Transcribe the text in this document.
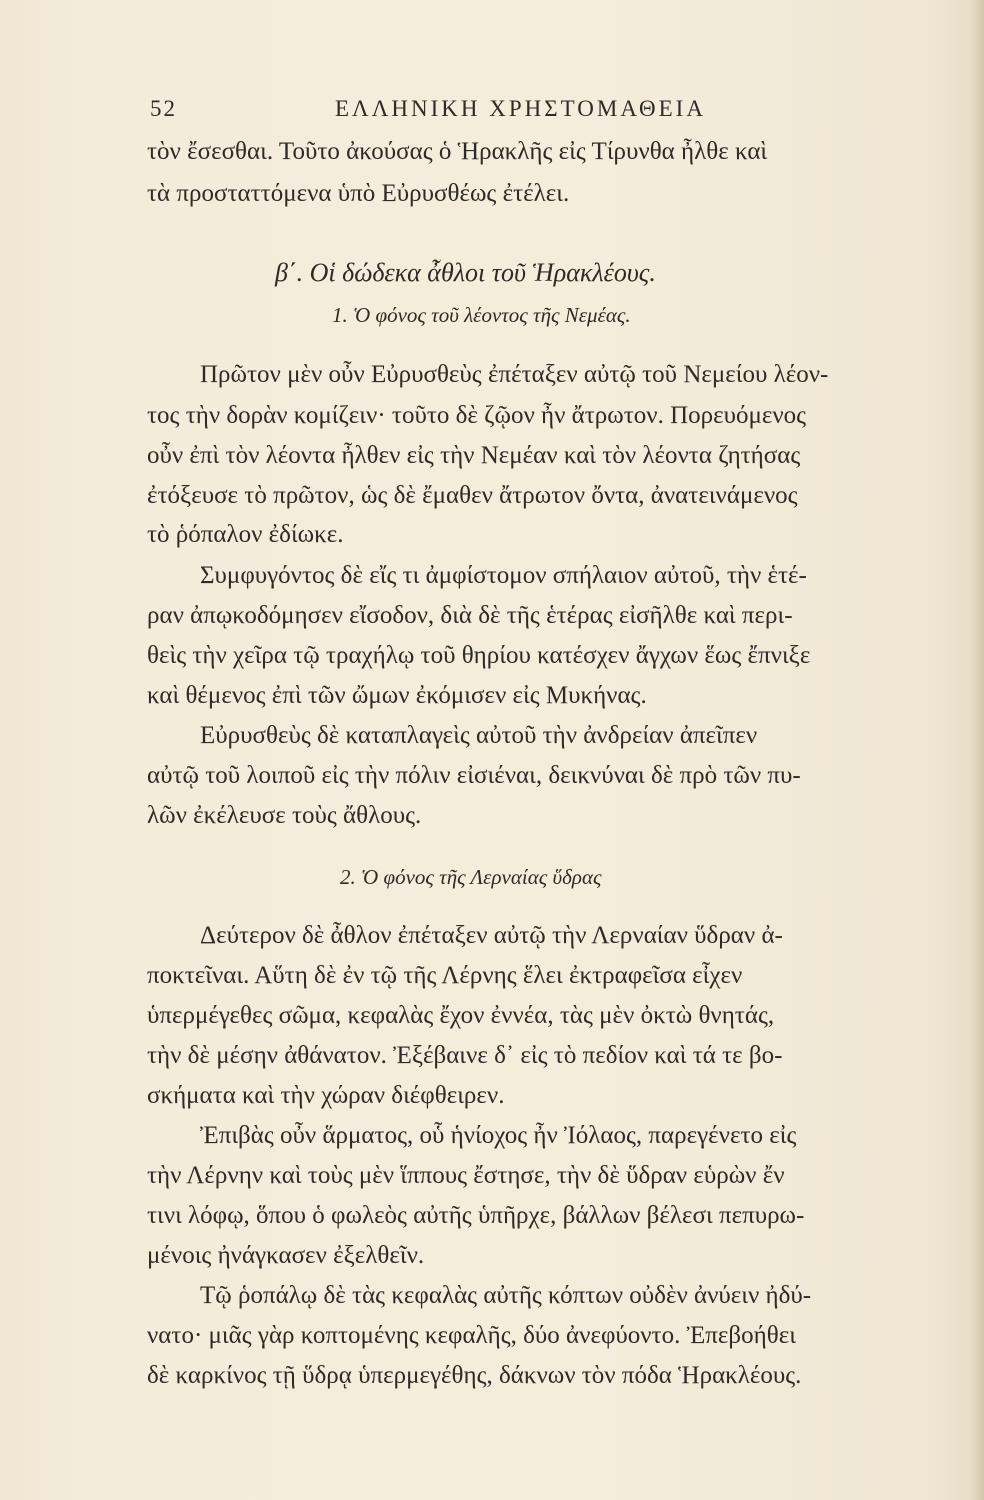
52	ΕΛΛΗΝΙΚΗ ΧΡΗΣΤΟΜΑΘΕΙΑ
τὸν ἔσεσθαι. Τοῦτο ἀκούσας ὁ Ἡρακλῆς εἰς Τίρυνθα ἦλθε καὶ
τὰ προσταττόμενα ὑπὸ Εὐρυσθέως ἐτέλει.
β΄. Οἱ δώδεκα ἆθλοι τοῦ Ἡρακλέους.
1. Ὁ φόνος τοῦ λέοντος τῆς Νεμέας.
Πρῶτον μὲν οὖν Εὐρυσθεὺς ἐπέταξεν αὐτῷ τοῦ Νεμείου λέον-
τος τὴν δορὰν κομίζειν· τοῦτο δὲ ζῷον ἦν ἄτρωτον. Πορευόμενος
οὖν ἐπὶ τὸν λέοντα ἦλθεν εἰς τὴν Νεμέαν καὶ τὸν λέοντα ζητήσας
ἐτόξευσε τὸ πρῶτον, ὡς δὲ ἔμαθεν ἄτρωτον ὄντα, ἀνατεινάμενος
τὸ ῥόπαλον ἐδίωκε.
Συμφυγόντος δὲ εἴς τι ἀμφίστομον σπήλαιον αὐτοῦ, τὴν ἑτέ-
ραν ἀπῳκοδόμησεν εἴσοδον, διὰ δὲ τῆς ἑτέρας εἰσῆλθε καὶ περι-
θεὶς τὴν χεῖρα τῷ τραχήλῳ τοῦ θηρίου κατέσχεν ἄγχων ἕως ἔπνιξε
καὶ θέμενος ἐπὶ τῶν ὤμων ἐκόμισεν εἰς Μυκήνας.
Εὐρυσθεὺς δὲ καταπλαγεὶς αὐτοῦ τὴν ἀνδρείαν ἀπεῖπεν
αὐτῷ τοῦ λοιποῦ εἰς τὴν πόλιν εἰσιέναι, δεικνύναι δὲ πρὸ τῶν πυ-
λῶν ἐκέλευσε τοὺς ἄθλους.
2. Ὁ φόνος τῆς Λερναίας ὕδρας
Δεύτερον δὲ ἆθλον ἐπέταξεν αὐτῷ τὴν Λερναίαν ὕδραν ἀ-
ποκτεῖναι. Αὕτη δὲ ἐν τῷ τῆς Λέρνης ἕλει ἐκτραφεῖσα εἶχεν
ὑπερμέγεθες σῶμα, κεφαλὰς ἔχον ἐννέα, τὰς μὲν ὀκτὼ θνητάς,
τὴν δὲ μέσην ἀθάνατον. Ἐξέβαινε δ᾽ εἰς τὸ πεδίον καὶ τά τε βο-
σκήματα καὶ τὴν χώραν διέφθειρεν.
Ἐπιβὰς οὖν ἅρματος, οὗ ἡνίοχος ἦν Ἰόλαος, παρεγένετο εἰς
τὴν Λέρνην καὶ τοὺς μὲν ἵππους ἔστησε, τὴν δὲ ὕδραν εὑρὼν ἔν
τινι λόφῳ, ὅπου ὁ φωλεὸς αὐτῆς ὑπῆρχε, βάλλων βέλεσι πεπυρω-
μένοις ἠνάγκασεν ἐξελθεῖν.
Τῷ ῥοπάλῳ δὲ τὰς κεφαλὰς αὐτῆς κόπτων οὐδὲν ἀνύειν ἠδύ-
νατο· μιᾶς γὰρ κοπτομένης κεφαλῆς, δύο ἀνεφύοντο. Ἐπεβοήθει
δὲ καρκίνος τῇ ὕδρᾳ ὑπερμεγέθης, δάκνων τὸν πόδα Ἡρακλέους.
